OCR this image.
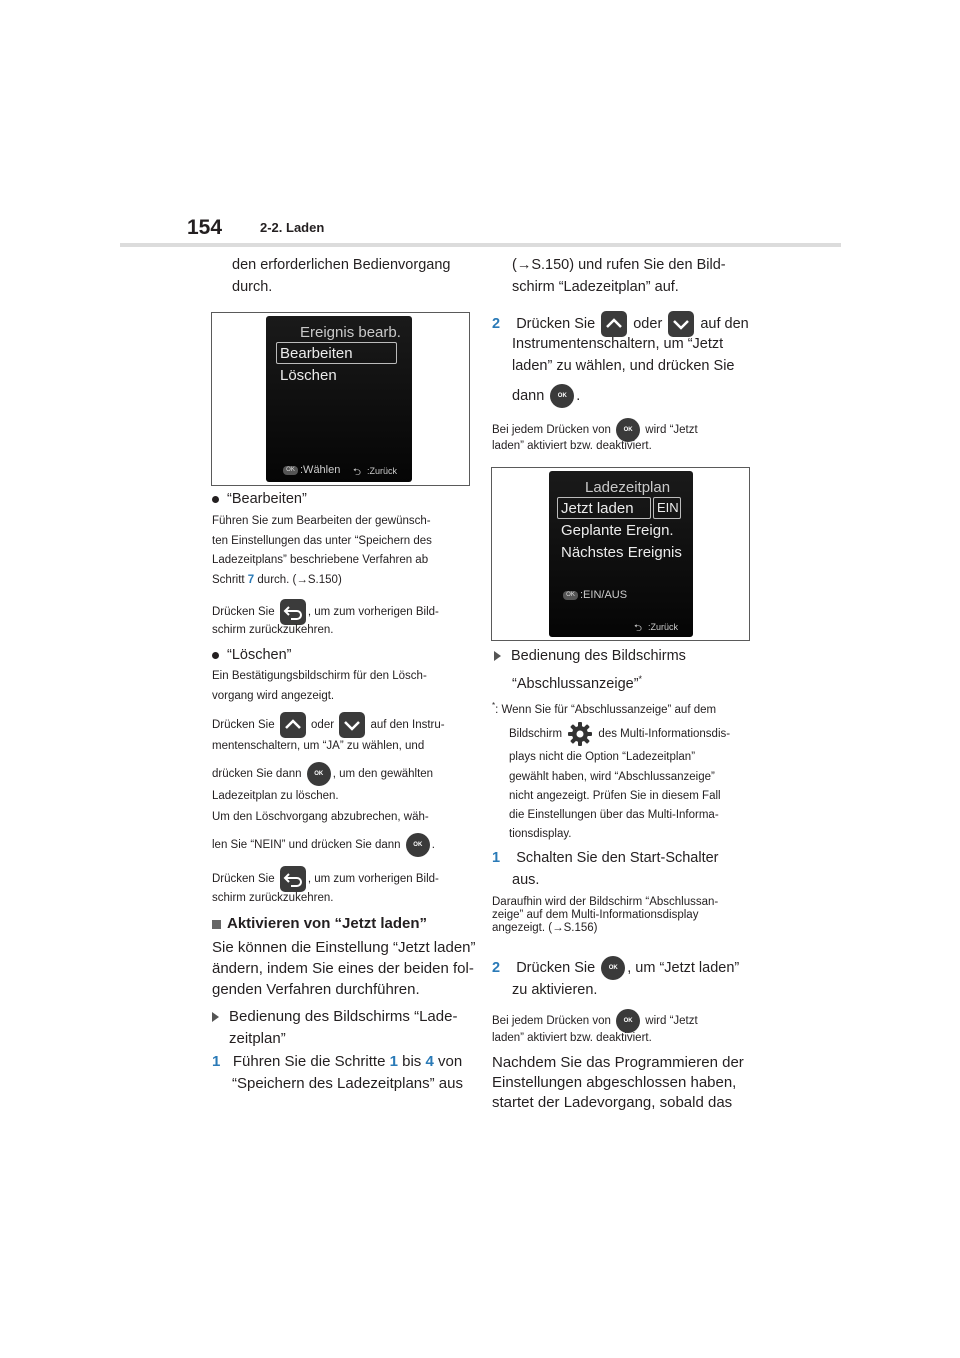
154	2-2. Laden
den erforderlichen Bedienvorgang
durch.
Ereignis bearb.
Bearbeiten
Löschen
OK :Wählen ⮌ :Zurück
“Bearbeiten”
Führen Sie zum Bearbeiten der gewünsch-
ten Einstellungen das unter “Speichern des
Ladezeitplans” beschriebene Verfahren ab
Schritt 7 durch. (→S.150)
Drücken Sie	, um zum vorherigen Bild-
schirm zurückzukehren.
“Löschen”
Ein Bestätigungsbildschirm für den Lösch-
vorgang wird angezeigt.
Drücken Sie	oder	auf den Instru-
mentenschaltern, um “JA” zu wählen, und
drücken Sie dann OK , um den gewählten
Ladezeitplan zu löschen.
Um den Löschvorgang abzubrechen, wäh-
len Sie “NEIN” und drücken Sie dann OK .
Drücken Sie	, um zum vorherigen Bild-
schirm zurückzukehren.
Aktivieren von “Jetzt laden”
Sie können die Einstellung “Jetzt laden”
ändern, indem Sie eines der beiden fol-
genden Verfahren durchführen.
Bedienung des Bildschirms “Lade-
zeitplan”
1 Führen Sie die Schritte 1 bis 4 von
“Speichern des Ladezeitplans” aus
(→S.150) und rufen Sie den Bild-
schirm “Ladezeitplan” auf.
2 Drücken Sie
oder
auf den
Instrumentenschaltern, um “Jetzt
laden” zu wählen, und drücken Sie
dann OK .
Bei jedem Drücken von OK wird “Jetzt
laden” aktiviert bzw. deaktiviert.
Ladezeitplan
Jetzt laden EIN
Geplante Ereign.
Nächstes Ereignis
OK :EIN/AUS
⮌ :Zurück
Bedienung des Bildschirms
“Abschlussanzeige”*
*: Wenn Sie für “Abschlussanzeige” auf dem
Bildschirm	des Multi-Informationsdis-
plays nicht die Option “Ladezeitplan”
gewählt haben, wird “Abschlussanzeige”
nicht angezeigt. Prüfen Sie in diesem Fall
die Einstellungen über das Multi-Informa-
tionsdisplay.
1 Schalten Sie den Start-Schalter
aus.
Daraufhin wird der Bildschirm “Abschlussan-
zeige” auf dem Multi-Informationsdisplay
angezeigt. (→S.156)
2 Drücken Sie OK , um “Jetzt laden”
zu aktivieren.
Bei jedem Drücken von OK wird “Jetzt
laden” aktiviert bzw. deaktiviert.
Nachdem Sie das Programmieren der
Einstellungen abgeschlossen haben,
startet der Ladevorgang, sobald das
